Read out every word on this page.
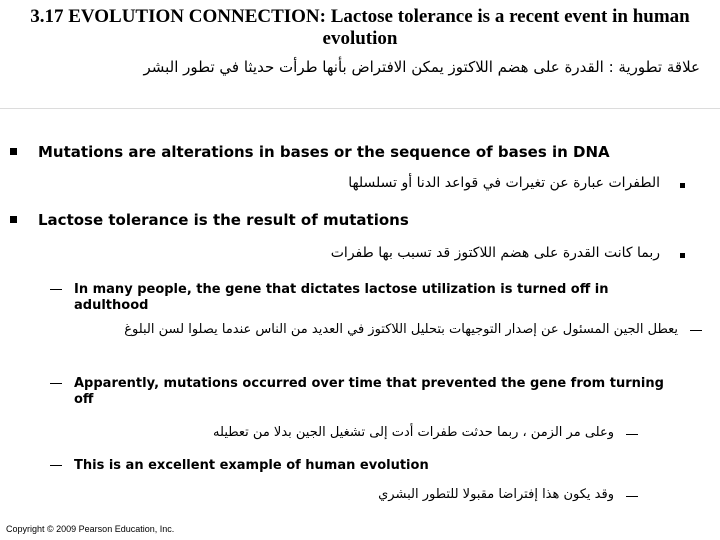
3.17 EVOLUTION CONNECTION: Lactose tolerance is a recent event in human evolution
علاقة تطورية : القدرة على هضم اللاكتوز يمكن الافتراض بأنها طرأت حديثا في تطور البشر
Mutations are alterations in bases or the sequence of bases in DNA
الطفرات عبارة عن تغيرات في قواعد الدنا أو تسلسلها
Lactose tolerance is the result of mutations
ربما كانت القدرة على هضم اللاكتوز قد تسبب بها طفرات
In many people, the gene that dictates lactose utilization is turned off in adulthood
يعطل الجين المسئول عن إصدار التوجيهات بتحليل اللاكتوز في العديد من الناس عندما يصلوا لسن البلوغ
Apparently, mutations occurred over time that prevented the gene from turning off
وعلى مر الزمن ، ربما حدثت طفرات أدت إلى تشغيل الجين بدلا من تعطيله
This is an excellent example of human evolution
وقد يكون هذا إفتراضا مقبولا للتطور البشري
Copyright © 2009 Pearson Education, Inc.
